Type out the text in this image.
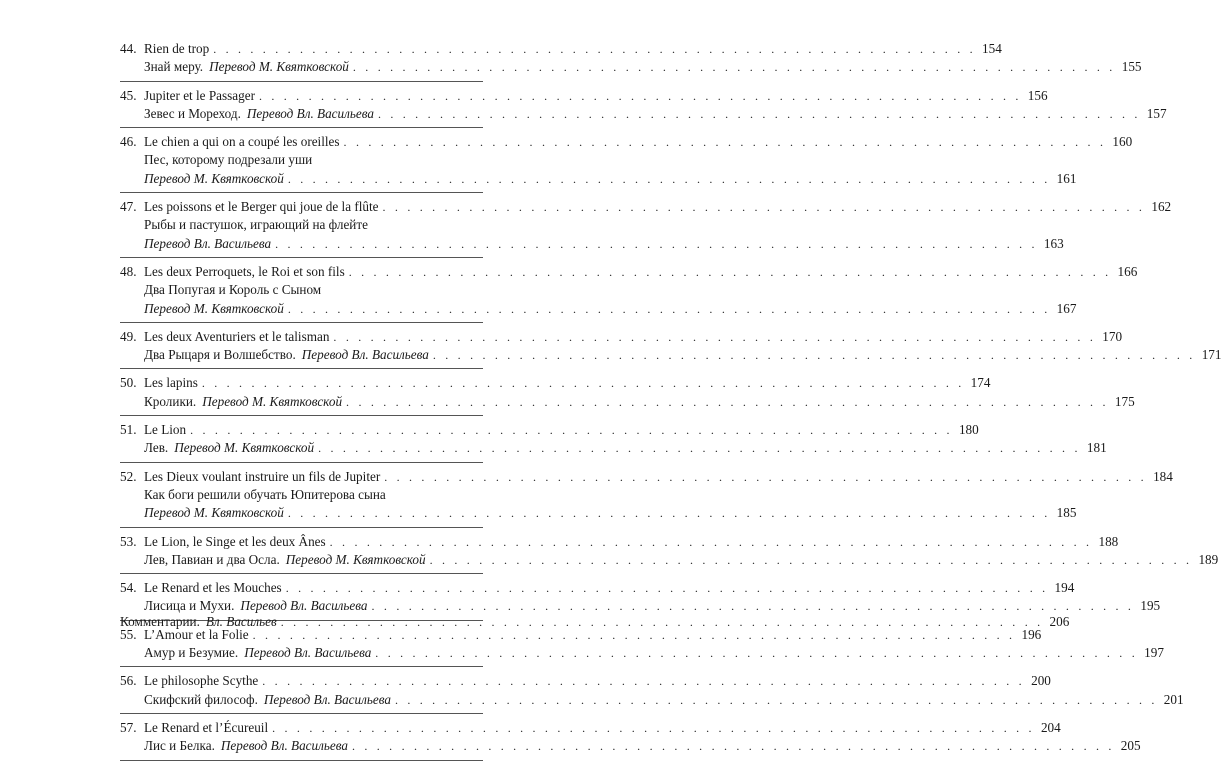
44. Rien de trop . . .	154
Знай меру. Перевод М. Квятковской . . .	155
45. Jupiter et le Passager . . .	156
Зевес и Мореход. Перевод Вл. Васильева . . .	157
46. Le chien a qui on a coupé les oreilles . . .	160
Пес, которому подрезали уши
Перевод М. Квятковской . . .	161
47. Les poissons et le Berger qui joue de la flûte . . .	162
Рыбы и пастушок, играющий на флейте
Перевод Вл. Васильева . . .	163
48. Les deux Perroquets, le Roi et son fils . . .	166
Два Попугая и Король с Сыном
Перевод М. Квятковской . . .	167
49. Les deux Aventuriers et le talisman . . .	170
Два Рыцаря и Волшебство. Перевод Вл. Васильева . . .	171
50. Les lapins . . .	174
Кролики. Перевод М. Квятковской . . .	175
51. Le Lion . . .	180
Лев. Перевод М. Квятковской . . .	181
52. Les Dieux voulant instruire un fils de Jupiter . . .	184
Как боги решили обучать Юпитерова сына
Перевод М. Квятковской . . .	185
53. Le Lion, le Singe et les deux Ânes . . .	188
Лев, Павиан и два Осла. Перевод М. Квятковской . . .	189
54. Le Renard et les Mouches . . .	194
Лисица и Мухи. Перевод Вл. Васильева . . .	195
55. L’Amour et la Folie . . .	196
Амур и Безумие. Перевод Вл. Васильева . . .	197
56. Le philosophe Scythe . . .	200
Скифский философ. Перевод Вл. Васильева . . .	201
57. Le Renard et l’Écureuil . . .	204
Лис и Белка. Перевод Вл. Васильева . . .	205
Комментарии. Вл. Васильев . . .	206
